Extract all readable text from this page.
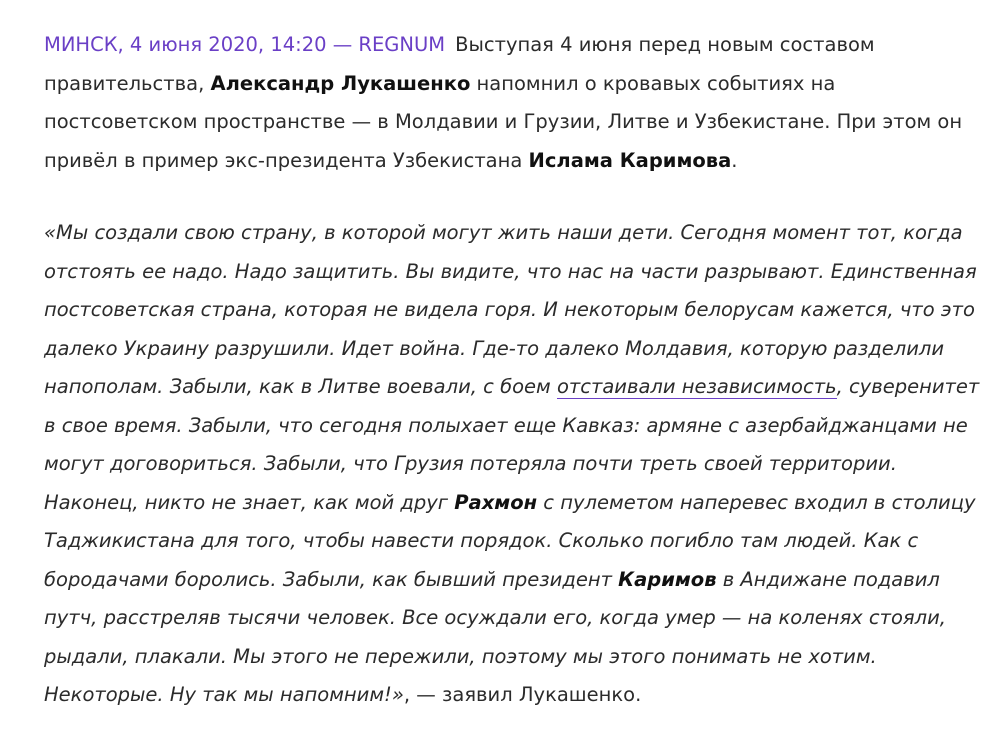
МИНСК, 4 июня 2020, 14:20 — REGNUM Выступая 4 июня перед новым составом правительства, Александр Лукашенко напомнил о кровавых событиях на постсоветском пространстве — в Молдавии и Грузии, Литве и Узбекистане. При этом он привёл в пример экс-президента Узбекистана Ислама Каримова.

«Мы создали свою страну, в которой могут жить наши дети. Сегодня момент тот, когда отстоять ее надо. Надо защитить. Вы видите, что нас на части разрывают. Единственная постсоветская страна, которая не видела горя. И некоторым белорусам кажется, что это далеко Украину разрушили. Идет война. Где-то далеко Молдавия, которую разделили напополам. Забыли, как в Литве воевали, с боем отстаивали независимость, суверенитет в свое время. Забыли, что сегодня полыхает еще Кавказ: армяне с азербайджанцами не могут договориться. Забыли, что Грузия потеряла почти треть своей территории. Наконец, никто не знает, как мой друг Рахмон с пулеметом наперевес входил в столицу Таджикистана для того, чтобы навести порядок. Сколько погибло там людей. Как с бородачами боролись. Забыли, как бывший президент Каримов в Андижане подавил путч, расстреляв тысячи человек. Все осуждали его, когда умер — на коленях стояли, рыдали, плакали. Мы этого не пережили, поэтому мы этого понимать не хотим. Некоторые. Ну так мы напомним!», — заявил Лукашенко.
